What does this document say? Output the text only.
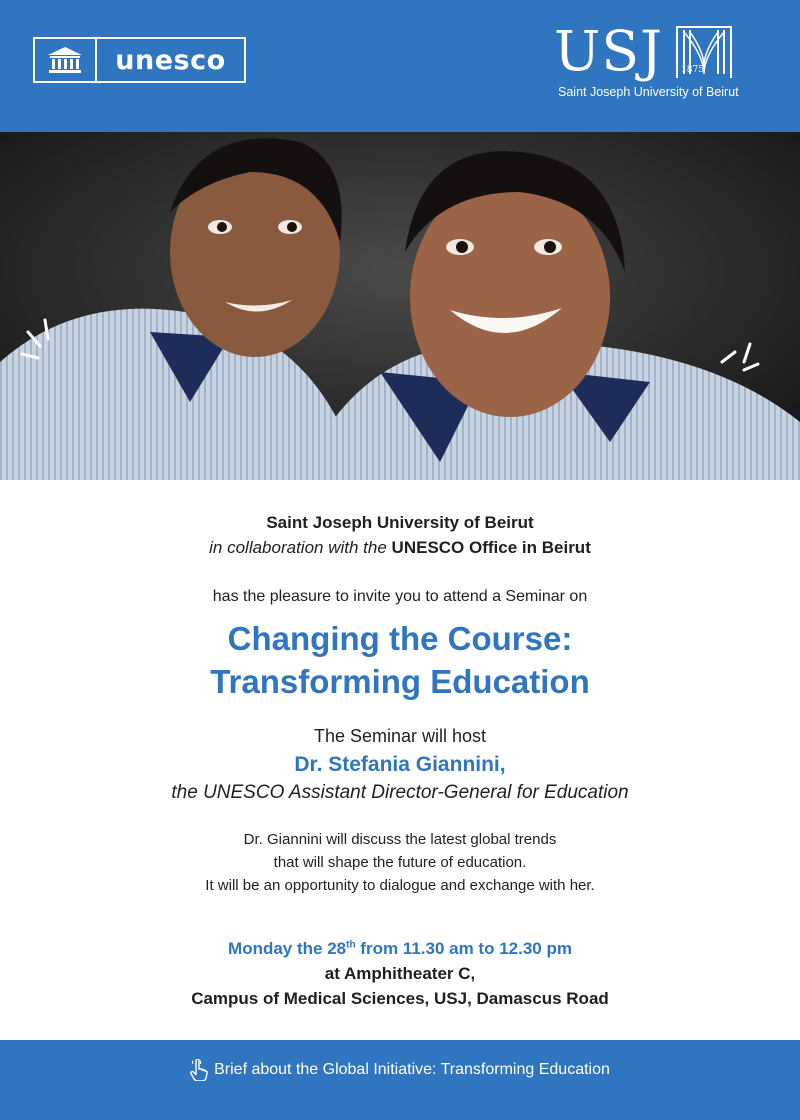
unesco	USJ 1875
Saint Joseph University of Beirut
Saint Joseph University of Beirut
in collaboration with the UNESCO Office in Beirut
has the pleasure to invite you to attend a Seminar on
Changing the Course:
Transforming Education
The Seminar will host
Dr. Stefania Giannini,
the UNESCO Assistant Director-General for Education
Dr. Giannini will discuss the latest global trends
that will shape the future of education.
It will be an opportunity to dialogue and exchange with her.
Monday the 28th from 11.30 am to 12.30 pm
at Amphitheater C,
Campus of Medical Sciences, USJ, Damascus Road
Brief about the Global Initiative: Transforming Education
